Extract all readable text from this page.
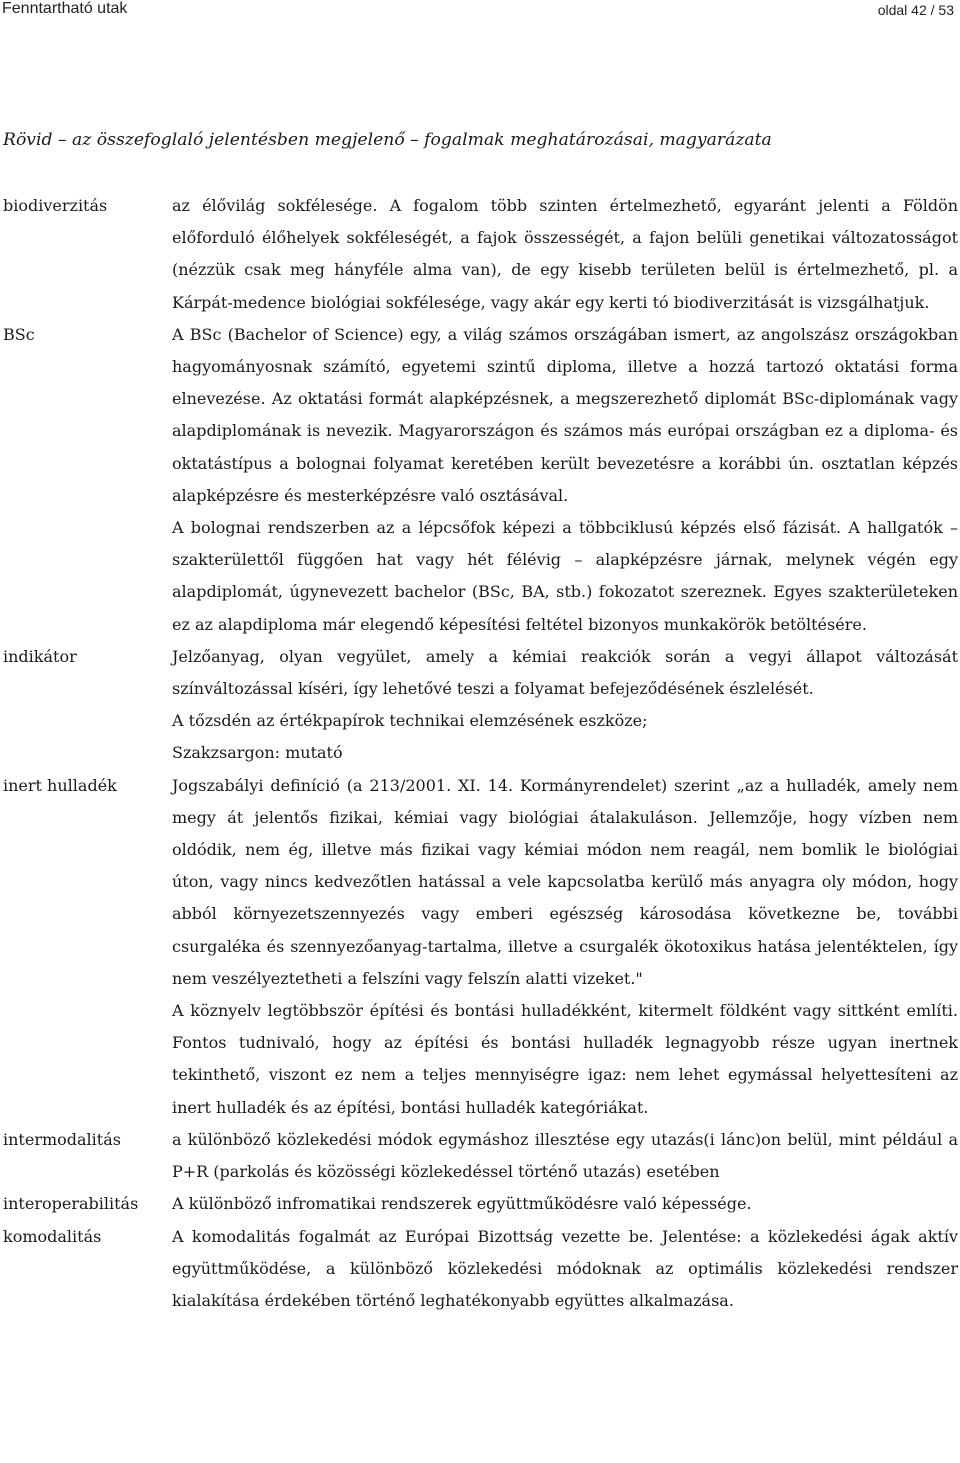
Fenntartható utak	oldal 42 / 53
Rövid – az összefoglaló jelentésben megjelenő – fogalmak meghatározásai, magyarázata
biodiverzitás	az élővilág sokfélesége. A fogalom több szinten értelmezhető, egyaránt jelenti a Földön előforduló élőhelyek sokféleségét, a fajok összességét, a fajon belüli genetikai változatosságot (nézzük csak meg hányféle alma van), de egy kisebb területen belül is értelmezhető, pl. a Kárpát-medence biológiai sokfélesége, vagy akár egy kerti tó biodiverzitását is vizsgálhatjuk.

BSc	A BSc (Bachelor of Science) egy, a világ számos országában ismert, az angolszász országokban hagyományosnak számító, egyetemi szintű diploma, illetve a hozzá tartozó oktatási forma elnevezése. Az oktatási formát alapképzésnek, a megszerezhető diplomát BSc-diplomának vagy alapdiplomának is nevezik. Magyarországon és számos más európai országban ez a diploma- és oktatástípus a bolognai folyamat keretében került bevezetésre a korábbi ún. osztatlan képzés alapképzésre és mesterképzésre való osztásával.

A bolognai rendszerben az a lépcsőfok képezi a többciklusú képzés első fázisát. A hallgatók – szakterülettől függően hat vagy hét félévig – alapképzésre járnak, melynek végén egy alapdiplomát, úgynevezett bachelor (BSc, BA, stb.) fokozatot szereznek. Egyes szakterületeken ez az alapdiploma már elegendő képesítési feltétel bizonyos munkakörök betöltésére.

indikátor	Jelzőanyag, olyan vegyület, amely a kémiai reakciók során a vegyi állapot változását színváltozással kíséri, így lehetővé teszi a folyamat befejeződésének észlelését.

A tőzsdén az értékpapírok technikai elemzésének eszköze;

Szakzsargon: mutató

inert hulladék	Jogszabályi definíció (a 213/2001. XI. 14. Kormányrendelet) szerint „az a hulladék, amely nem megy át jelentős fizikai, kémiai vagy biológiai átalakuláson. Jellemzője, hogy vízben nem oldódik, nem ég, illetve más fizikai vagy kémiai módon nem reagál, nem bomlik le biológiai úton, vagy nincs kedvezőtlen hatással a vele kapcsolatba kerülő más anyagra oly módon, hogy abból környezetszennyezés vagy emberi egészség károsodása következne be, további csurgaléka és szennyezőanyag-tartalma, illetve a csurgalék ökotoxikus hatása jelentéktelen, így nem veszélyeztetheti a felszíni vagy felszín alatti vizeket."

A köznyelv legtöbbször építési és bontási hulladékként, kitermelt földként vagy sittként említi. Fontos tudnivaló, hogy az építési és bontási hulladék legnagyobb része ugyan inertnek tekinthető, viszont ez nem a teljes mennyiségre igaz: nem lehet egymással helyettesíteni az inert hulladék és az építési, bontási hulladék kategóriákat.

intermodalitás	a különböző közlekedési módok egymáshoz illesztése egy utazás(i lánc)on belül, mint például a P+R (parkolás és közösségi közlekedéssel történő utazás) esetében

interoperabilitás A különböző infromatikai rendszerek együttműködésre való képessége.

komodalitás	A komodalitás fogalmát az Európai Bizottság vezette be. Jelentése: a közlekedési ágak aktív együttműködése, a különböző közlekedési módoknak az optimális közlekedési rendszer kialakítása érdekében történő leghatékonyabb együttes alkalmazása.
